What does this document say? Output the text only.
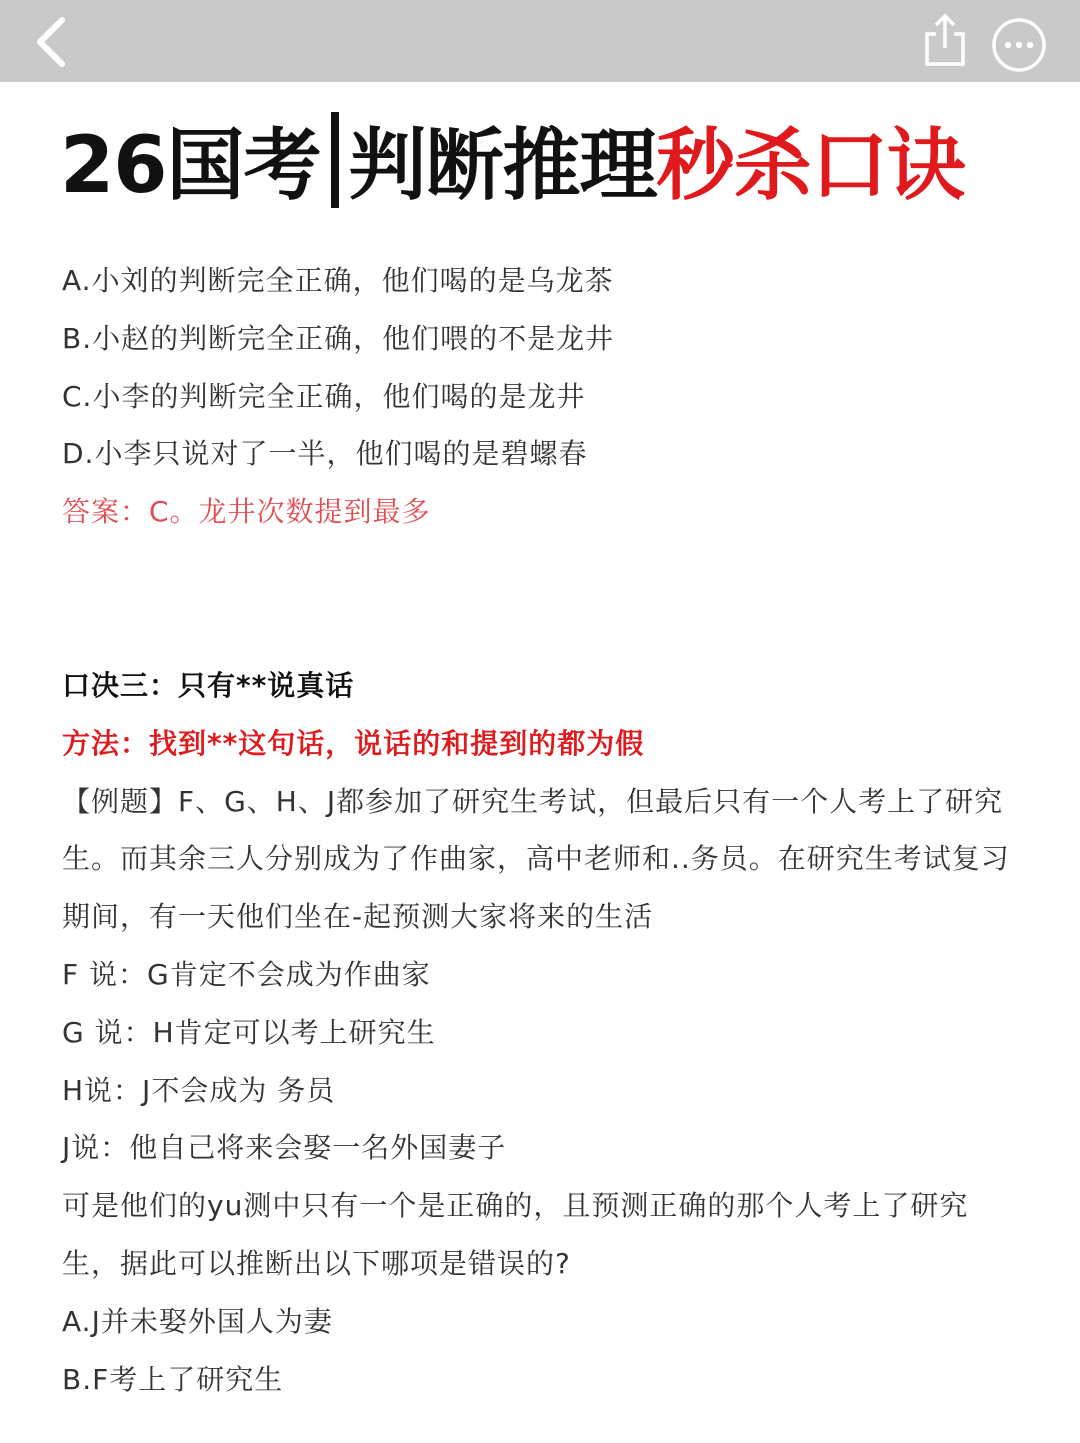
26国考 判断推理秒杀口诀
A.小刘的判断完全正确，他们喝的是乌龙茶
B.小赵的判断完全正确，他们喂的不是龙井
C.小李的判断完全正确，他们喝的是龙井
D.小李只说对了一半，他们喝的是碧螺春
答案：C。龙井次数提到最多
口决三：只有**说真话
方法：找到**这句话，说话的和提到的都为假
【例题】F、G、H、J都参加了研究生考试，但最后只有一个人考上了研究生。而其余三人分别成为了作曲家，高中老师和..务员。在研究生考试复习期间，有一天他们坐在-起预测大家将来的生活
F 说：G肯定不会成为作曲家
G 说：H肯定可以考上研究生
H说：J不会成为 务员
J说：他自己将来会娶一名外国妻子
可是他们的yu测中只有一个是正确的，且预测正确的那个人考上了研究生，据此可以推断出以下哪项是错误的?
A.J并未娶外国人为妻
B.F考上了研究生
